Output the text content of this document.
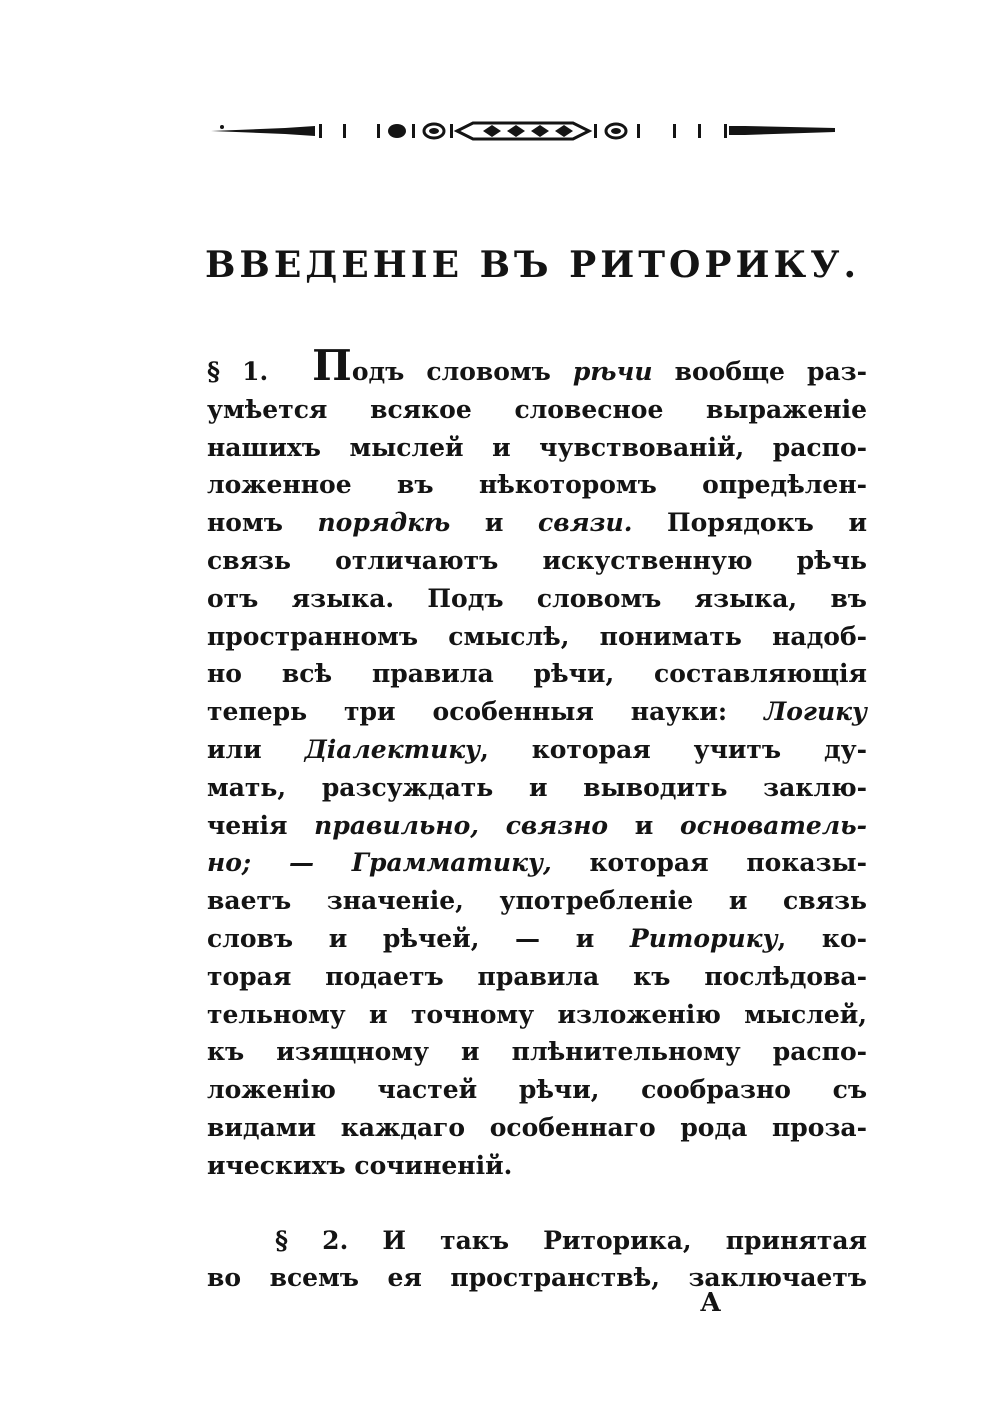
ВВЕДЕНІЕ ВЪ РИТОРИКУ.
§ 1. Подъ словомъ рѣчи вообще раз-
умѣется всякое словесное выраженіе
нашихъ мыслей и чувствованій, распо-
ложенное въ нѣкоторомъ опредѣлен-
номъ порядкѣ и связи. Порядокъ и
связь отличаютъ искуственную рѣчь
отъ языка. Подъ словомъ языка, въ
пространномъ смыслѣ, понимать надоб-
но всѣ правила рѣчи, составляющія
теперь три особенныя науки: Логику
или Діалектику, которая учитъ ду-
мать, разсуждать и выводить заклю-
ченія правильно, связно и основатель-
но; — Грамматику, которая показы-
ваетъ значеніе, употребленіе и связь
словъ и рѣчей, — и Риторику, ко-
торая подаетъ правила къ послѣдова-
тельному и точному изложенію мыслей,
къ изящному и плѣнительному распо-
ложенію частей рѣчи, сообразно съ
видами каждаго особеннаго рода проза-
ическихъ сочиненій.
§ 2. И такъ Риторика, принятая
во всемъ ея пространствѣ, заключаетъ

А
